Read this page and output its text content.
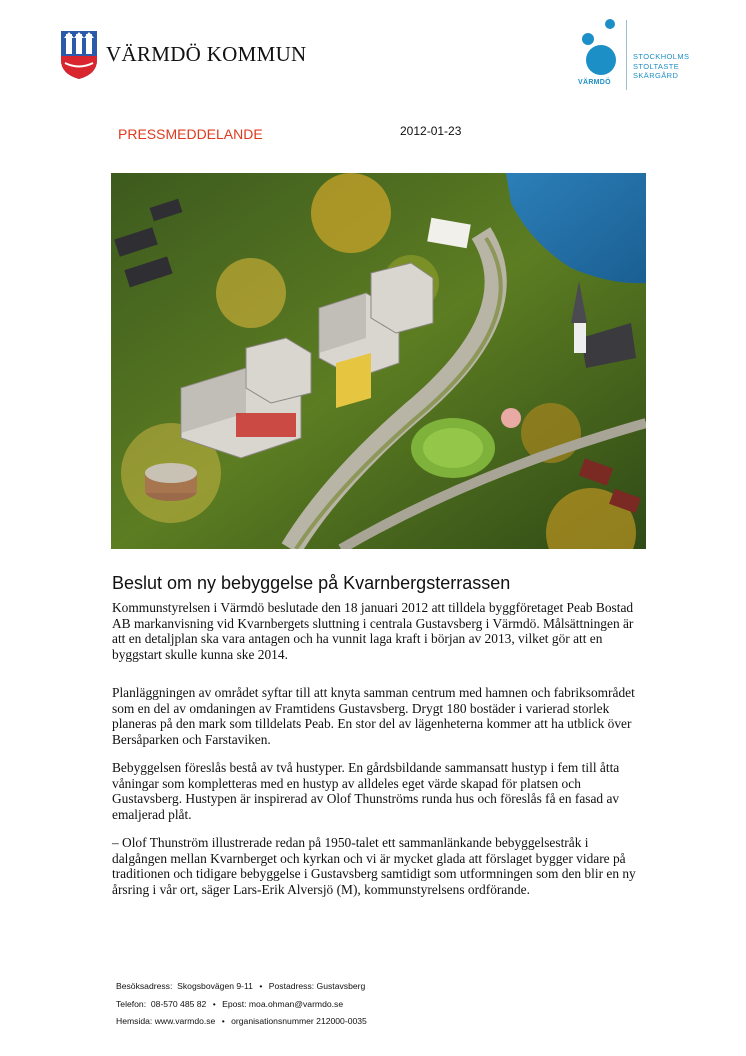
VÄRMDÖ KOMMUN
VÄRMDÖ
STOCKHOLMS
STOLTASTE
SKÄRGÅRD
PRESSMEDDELANDE	2012-01-23
Beslut om ny bebyggelse på Kvarnbergsterrassen

Kommunstyrelsen i Värmdö beslutade den 18 januari 2012 att tilldela byggföretaget Peab Bostad AB markanvisning vid Kvarnbergets sluttning i centrala Gustavsberg i Värmdö. Målsättningen är att en detaljplan ska vara antagen och ha vunnit laga kraft i början av 2013, vilket gör att en byggstart skulle kunna ske 2014.

Planläggningen av området syftar till att knyta samman centrum med hamnen och fabriksområdet som en del av omdaningen av Framtidens Gustavsberg. Drygt 180 bostäder i varierad storlek planeras på den mark som tilldelats Peab. En stor del av lägenheterna kommer att ha utblick över Bersåparken och Farstaviken.

Bebyggelsen föreslås bestå av två hustyper. En gårdsbildande sammansatt hustyp i fem till åtta våningar som kompletteras med en hustyp av alldeles eget värde skapad för platsen och Gustavsberg. Hustypen är inspirerad av Olof Thunströms runda hus och föreslås få en fasad av emaljerad plåt.

– Olof Thunström illustrerade redan på 1950-talet ett sammanlänkande bebyggelsestråk i dalgången mellan Kvarnberget och kyrkan och vi är mycket glada att förslaget bygger vidare på traditionen och tidigare bebyggelse i Gustavsberg samtidigt som utformningen som den blir en ny årsring i vår ort, säger Lars-Erik Alversjö (M), kommunstyrelsens ordförande.

Besöksadress: Skogsbovägen 9-11 • Postadress: Gustavsberg
Telefon: 08-570 485 82 • Epost: moa.ohman@varmdo.se
Hemsida: www.varmdo.se • organisationsnummer 212000-0035
